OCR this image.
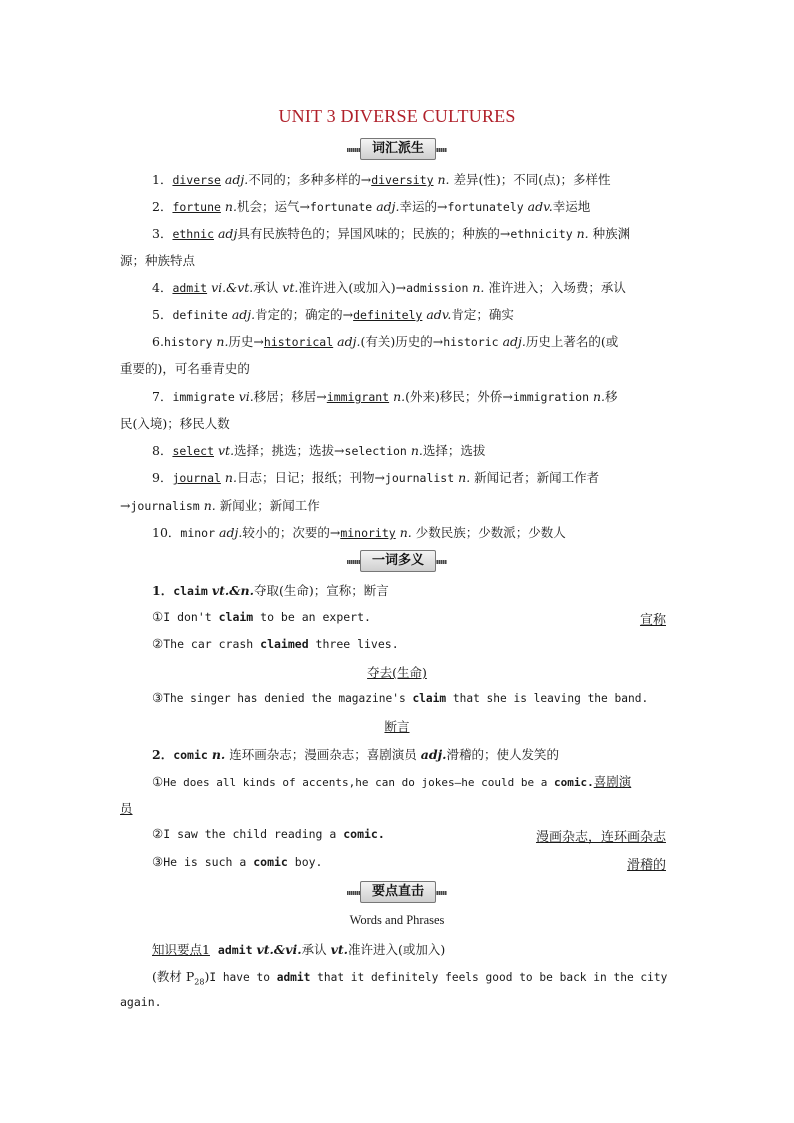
UNIT 3 DIVERSE CULTURES
词汇派生
1．diverse adj.不同的；多种多样的→diversity n. 差异(性)；不同(点)；多样性
2．fortune n.机会；运气→fortunate adj.幸运的→fortunately adv.幸运地
3．ethnic adj具有民族特色的；异国风味的；民族的；种族的→ethnicity n. 种族渊
源；种族特点
4．admit vi.&vt.承认 vt.准许进入(或加入)→admission n. 准许进入；入场费；承认
5．definite adj.肯定的；确定的→definitely adv.肯定；确实
6.history n.历史→historical adj.(有关)历史的→historic adj.历史上著名的(或
重要的)，可名垂青史的
7．immigrate vi.移居；移居→immigrant n.(外来)移民；外侨→immigration n.移
民(入境)；移民人数
8．select vt.选择；挑选；选拔→selection n.选择；选拔
9．journal n.日志；日记；报纸；刊物→journalist n. 新闻记者；新闻工作者
→journalism n. 新闻业；新闻工作
10．minor adj.较小的；次要的→minority n. 少数民族；少数派；少数人
一词多义
1．claim vt.&n.夺取(生命)；宣称；断言
①I don't claim to be an expert.	宣称
②The car crash claimed three lives.
夺去(生命)
③The singer has denied the magazine's claim that she is leaving the band.
断言
2．comic n. 连环画杂志；漫画杂志；喜剧演员 adj.滑稽的；使人发笑的
①He does all kinds of accents,he can do jokes—he could be a comic.喜剧演
员
②I saw the child reading a comic.	漫画杂志，连环画杂志
③He is such a comic boy.	滑稽的
要点直击
Words and Phrases
知识要点1 admit vt.&vi.承认 vt.准许进入(或加入)
(教材 $P_{28})I$ have to admit that it definitely feels good to be back in the city
again.
